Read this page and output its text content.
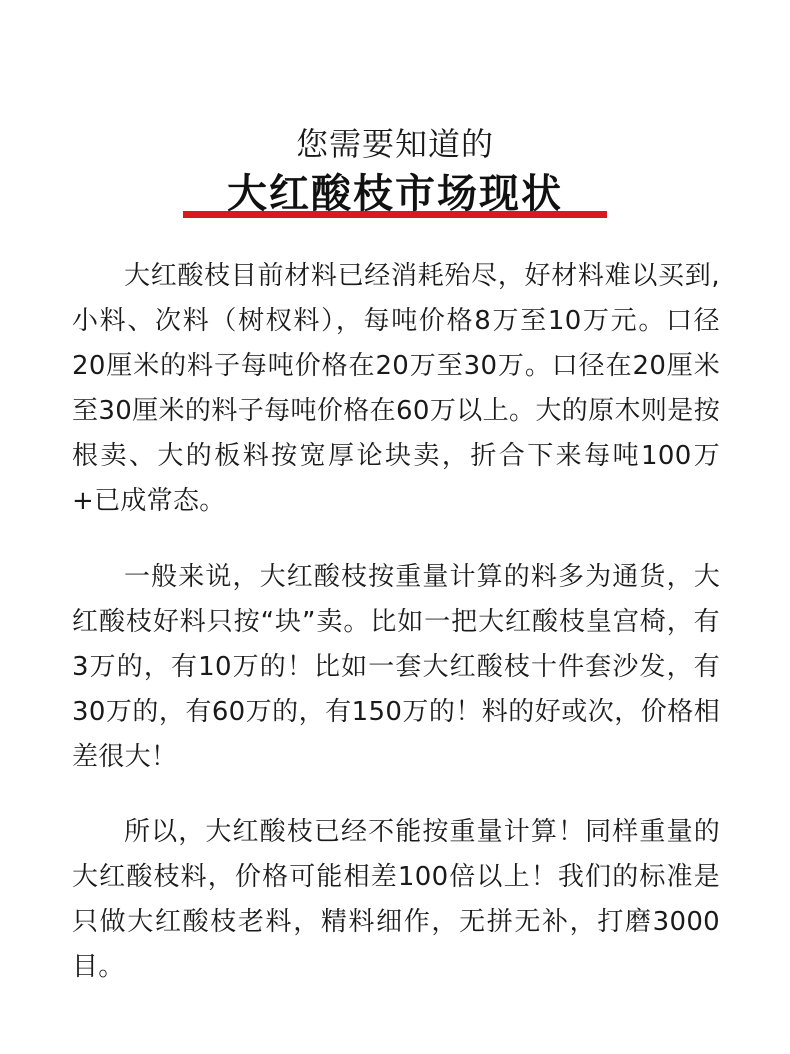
您需要知道的
大红酸枝市场现状

大红酸枝目前材料已经消耗殆尽，好材料难以买到,小料、次料（树杈料），每吨价格8万至10万元。口径20厘米的料子每吨价格在20万至30万。口径在20厘米至30厘米的料子每吨价格在60万以上。大的原木则是按根卖、大的板料按宽厚论块卖，折合下来每吨100万+已成常态。

一般来说，大红酸枝按重量计算的料多为通货，大红酸枝好料只按“块”卖。比如一把大红酸枝皇宫椅，有3万的，有10万的！比如一套大红酸枝十件套沙发，有30万的，有60万的，有150万的！料的好或次，价格相差很大！

所以，大红酸枝已经不能按重量计算！同样重量的大红酸枝料，价格可能相差100倍以上！我们的标准是只做大红酸枝老料，精料细作，无拼无补，打磨3000目。
